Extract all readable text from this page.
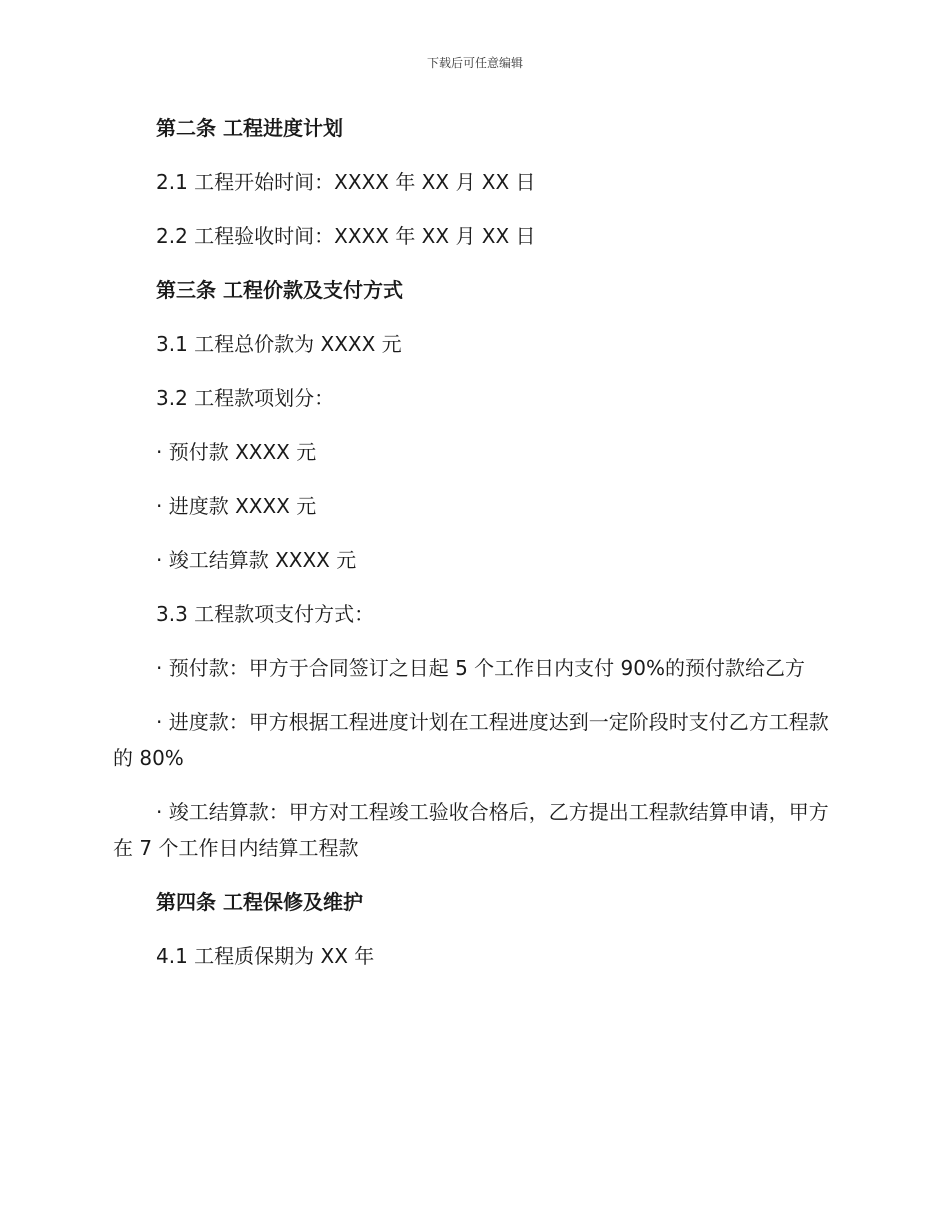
下载后可任意编辑

第二条 工程进度计划

2.1 工程开始时间：XXXX 年 XX 月 XX 日

2.2 工程验收时间：XXXX 年 XX 月 XX 日

第三条 工程价款及支付方式

3.1 工程总价款为 XXXX 元

3.2 工程款项划分：

· 预付款 XXXX 元

· 进度款 XXXX 元

· 竣工结算款 XXXX 元

3.3 工程款项支付方式：

· 预付款：甲方于合同签订之日起 5 个工作日内支付 90%的预付款给乙方

· 进度款：甲方根据工程进度计划在工程进度达到一定阶段时支付乙方工程款的 80%

· 竣工结算款：甲方对工程竣工验收合格后，乙方提出工程款结算申请，甲方在 7 个工作日内结算工程款

第四条 工程保修及维护

4.1 工程质保期为 XX 年
